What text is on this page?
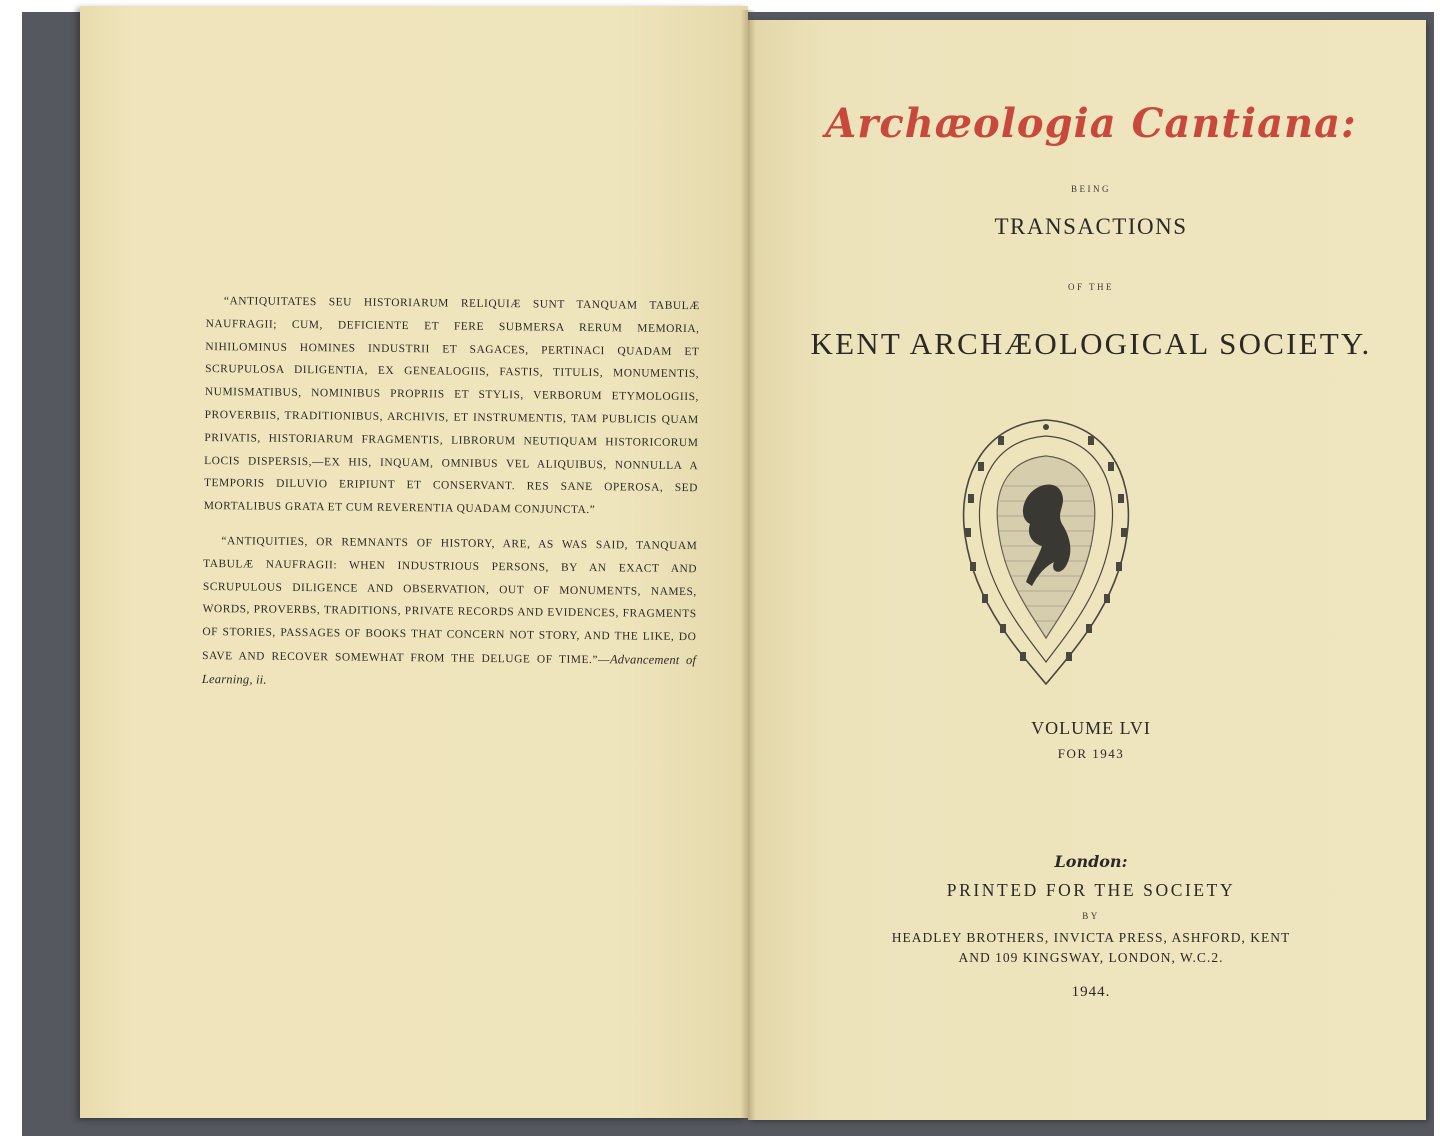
“ANTIQUITATES SEU HISTORIARUM RELIQUIÆ SUNT TANQUAM TABULÆ NAUFRAGII; CUM, DEFICIENTE ET FERE SUBMERSA RERUM MEMORIA, NIHILOMINUS HOMINES INDUSTRII ET SAGACES, PERTINACI QUADAM ET SCRUPULOSA DILIGENTIA, EX GENEALOGIIS, FASTIS, TITULIS, MONUMENTIS, NUMISMATIBUS, NOMINIBUS PROPRIIS ET STYLIS, VERBORUM ETYMOLOGIIS, PROVERBIIS, TRADITIONIBUS, ARCHIVIS, ET INSTRUMENTIS, TAM PUBLICIS QUAM PRIVATIS, HISTORIARUM FRAGMENTIS, LIBRORUM NEUTIQUAM HISTORICORUM LOCIS DISPERSIS,—EX HIS, INQUAM, OMNIBUS VEL ALIQUIBUS, NONNULLA A TEMPORIS DILUVIO ERIPIUNT ET CONSERVANT. RES SANE OPEROSA, SED MORTALIBUS GRATA ET CUM REVERENTIA QUADAM CONJUNCTA.”

“ANTIQUITIES, OR REMNANTS OF HISTORY, ARE, AS WAS SAID, TANQUAM TABULÆ NAUFRAGII: WHEN INDUSTRIOUS PERSONS, BY AN EXACT AND SCRUPULOUS DILIGENCE AND OBSERVATION, OUT OF MONUMENTS, NAMES, WORDS, PROVERBS, TRADITIONS, PRIVATE RECORDS AND EVIDENCES, FRAGMENTS OF STORIES, PASSAGES OF BOOKS THAT CONCERN NOT STORY, AND THE LIKE, DO SAVE AND RECOVER SOMEWHAT FROM THE DELUGE OF TIME.”—Advancement of Learning, ii.

Archæologia Cantiana:
BEING
TRANSACTIONS
OF THE
KENT ARCHÆOLOGICAL SOCIETY.
VOLUME LVI
FOR 1943
London:
PRINTED FOR THE SOCIETY
BY
HEADLEY BROTHERS, INVICTA PRESS, ASHFORD, KENT
AND 109 KINGSWAY, LONDON, W.C.2.
1944.
